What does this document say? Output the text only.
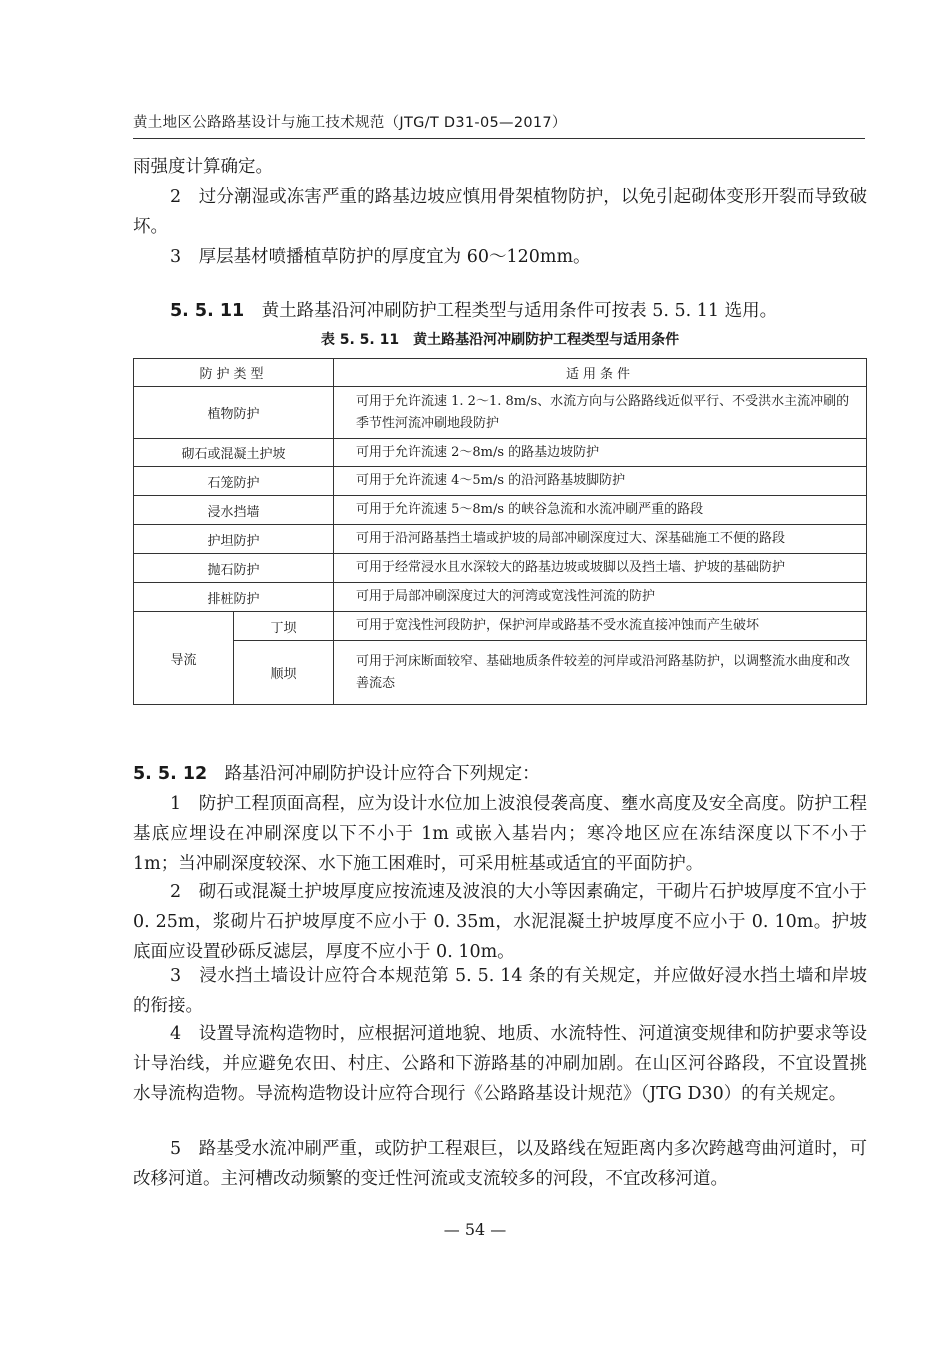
黄土地区公路路基设计与施工技术规范（JTG/T D31-05—2017）

雨强度计算确定。

2　过分潮湿或冻害严重的路基边坡应慎用骨架植物防护，以免引起砌体变形开裂而导致破坏。

3　厚层基材喷播植草防护的厚度宜为 60～120mm。

5. 5. 11　黄土路基沿河冲刷防护工程类型与适用条件可按表 5. 5. 11 选用。

表 5. 5. 11　黄土路基沿河冲刷防护工程类型与适用条件
防护类型		适用条件
植物防护		可用于允许流速 1. 2～1. 8m/s、水流方向与公路路线近似平行、不受洪水主流冲刷的季节性河流冲刷地段防护
砌石或混凝土护坡		可用于允许流速 2～8m/s 的路基边坡防护
石笼防护		可用于允许流速 4～5m/s 的沿河路基坡脚防护
浸水挡墙		可用于允许流速 5～8m/s 的峡谷急流和水流冲刷严重的路段
护坦防护		可用于沿河路基挡土墙或护坡的局部冲刷深度过大、深基础施工不便的路段
抛石防护		可用于经常浸水且水深较大的路基边坡或坡脚以及挡土墙、护坡的基础防护
排桩防护		可用于局部冲刷深度过大的河湾或宽浅性河流的防护
导流	丁坝	可用于宽浅性河段防护，保护河岸或路基不受水流直接冲蚀而产生破坏
	顺坝	可用于河床断面较窄、基础地质条件较差的河岸或沿河路基防护，以调整流水曲度和改善流态

5. 5. 12　路基沿河冲刷防护设计应符合下列规定：

1　防护工程顶面高程，应为设计水位加上波浪侵袭高度、壅水高度及安全高度。防护工程基底应埋设在冲刷深度以下不小于 1m 或嵌入基岩内；寒冷地区应在冻结深度以下不小于 1m；当冲刷深度较深、水下施工困难时，可采用桩基或适宜的平面防护。

2　砌石或混凝土护坡厚度应按流速及波浪的大小等因素确定，干砌片石护坡厚度不宜小于 0. 25m，浆砌片石护坡厚度不应小于 0. 35m，水泥混凝土护坡厚度不应小于 0. 10m。护坡底面应设置砂砾反滤层，厚度不应小于 0. 10m。

3　浸水挡土墙设计应符合本规范第 5. 5. 14 条的有关规定，并应做好浸水挡土墙和岸坡的衔接。

4　设置导流构造物时，应根据河道地貌、地质、水流特性、河道演变规律和防护要求等设计导治线，并应避免农田、村庄、公路和下游路基的冲刷加剧。在山区河谷路段，不宜设置挑水导流构造物。导流构造物设计应符合现行《公路路基设计规范》（JTG D30）的有关规定。

5　路基受水流冲刷严重，或防护工程艰巨，以及路线在短距离内多次跨越弯曲河道时，可改移河道。主河槽改动频繁的变迁性河流或支流较多的河段，不宜改移河道。

— 54 —
